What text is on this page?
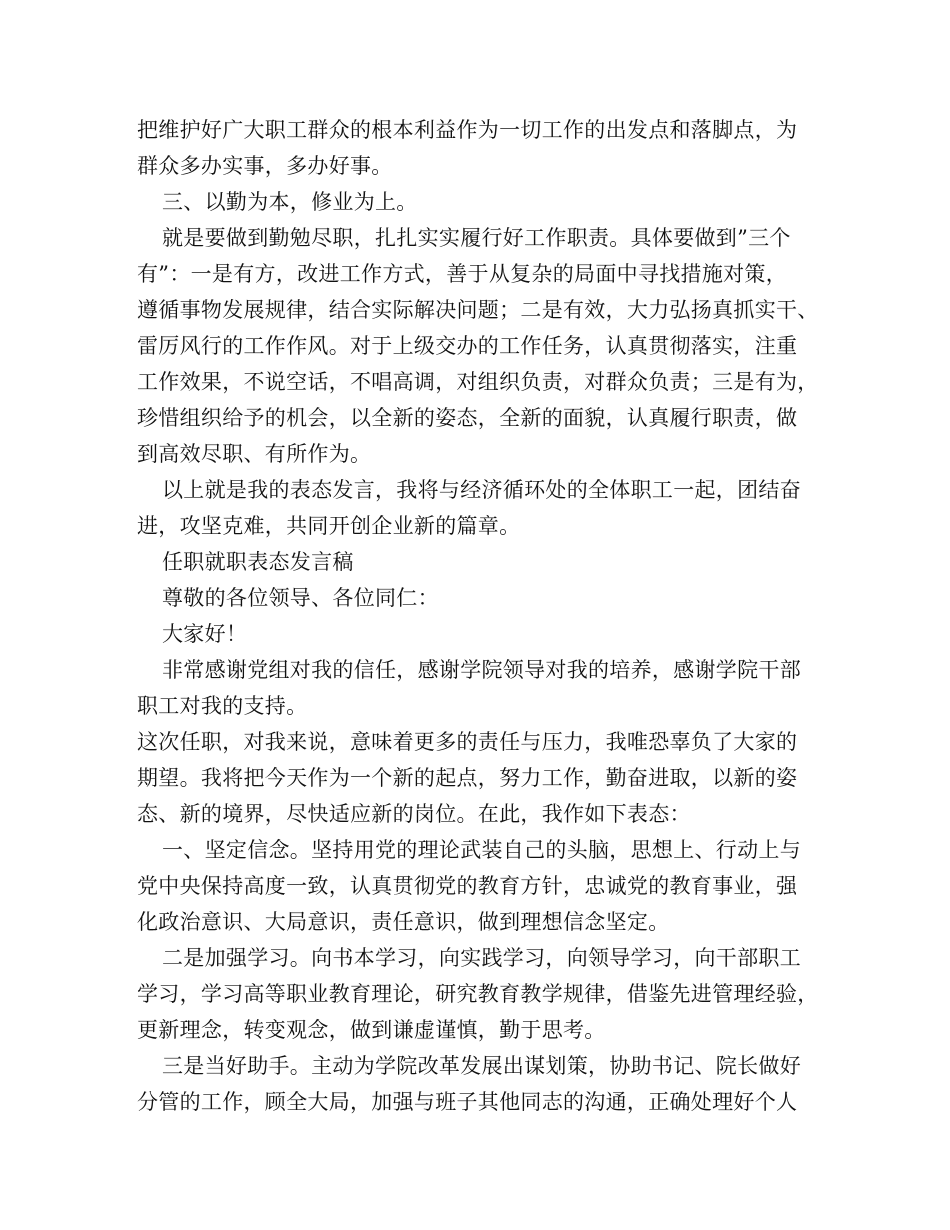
把维护好广大职工群众的根本利益作为一切工作的出发点和落脚点，为
群众多办实事，多办好事。
三、以勤为本，修业为上。
就是要做到勤勉尽职，扎扎实实履行好工作职责。具体要做到”三个
有”：一是有方，改进工作方式，善于从复杂的局面中寻找措施对策，
遵循事物发展规律，结合实际解决问题；二是有效，大力弘扬真抓实干、
雷厉风行的工作作风。对于上级交办的工作任务，认真贯彻落实，注重
工作效果，不说空话，不唱高调，对组织负责，对群众负责；三是有为，
珍惜组织给予的机会，以全新的姿态，全新的面貌，认真履行职责，做
到高效尽职、有所作为。
以上就是我的表态发言，我将与经济循环处的全体职工一起，团结奋
进，攻坚克难，共同开创企业新的篇章。
任职就职表态发言稿
尊敬的各位领导、各位同仁：
大家好！
非常感谢党组对我的信任，感谢学院领导对我的培养，感谢学院干部
职工对我的支持。
这次任职，对我来说，意味着更多的责任与压力，我唯恐辜负了大家的
期望。我将把今天作为一个新的起点，努力工作，勤奋进取，以新的姿
态、新的境界，尽快适应新的岗位。在此，我作如下表态：
一、坚定信念。坚持用党的理论武装自己的头脑，思想上、行动上与
党中央保持高度一致，认真贯彻党的教育方针，忠诚党的教育事业，强
化政治意识、大局意识，责任意识，做到理想信念坚定。
二是加强学习。向书本学习，向实践学习，向领导学习，向干部职工
学习，学习高等职业教育理论，研究教育教学规律，借鉴先进管理经验，
更新理念，转变观念，做到谦虚谨慎，勤于思考。
三是当好助手。主动为学院改革发展出谋划策，协助书记、院长做好
分管的工作，顾全大局，加强与班子其他同志的沟通，正确处理好个人
